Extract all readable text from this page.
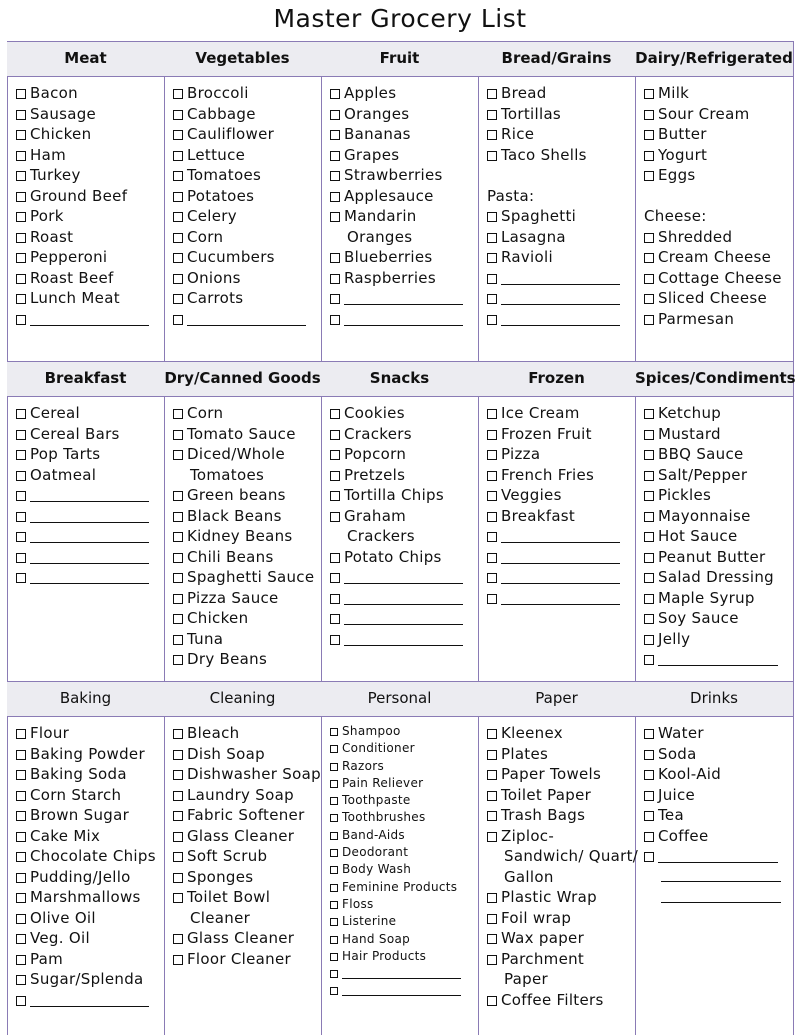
Master Grocery List
Meat
Bacon
Sausage
Chicken
Ham
Turkey
Ground Beef
Pork
Roast
Pepperoni
Roast Beef
Lunch Meat
Vegetables
Broccoli
Cabbage
Cauliflower
Lettuce
Tomatoes
Potatoes
Celery
Corn
Cucumbers
Onions
Carrots
Fruit
Apples
Oranges
Bananas
Grapes
Strawberries
Applesauce
Mandarin
Oranges
Blueberries
Raspberries
Bread/Grains
Bread
Tortillas
Rice
Taco Shells
Pasta:
Spaghetti
Lasagna
Ravioli
Dairy/Refrigerated
Milk
Sour Cream
Butter
Yogurt
Eggs
Cheese:
Shredded
Cream Cheese
Cottage Cheese
Sliced Cheese
Parmesan
Breakfast
Cereal
Cereal Bars
Pop Tarts
Oatmeal
Dry/Canned Goods
Corn
Tomato Sauce
Diced/Whole
Tomatoes
Green beans
Black Beans
Kidney Beans
Chili Beans
Spaghetti Sauce
Pizza Sauce
Chicken
Tuna
Dry Beans
Snacks
Cookies
Crackers
Popcorn
Pretzels
Tortilla Chips
Graham
Crackers
Potato Chips
Frozen
Ice Cream
Frozen Fruit
Pizza
French Fries
Veggies
Breakfast
Spices/Condiments
Ketchup
Mustard
BBQ Sauce
Salt/Pepper
Pickles
Mayonnaise
Hot Sauce
Peanut Butter
Salad Dressing
Maple Syrup
Soy Sauce
Jelly
Baking
Flour
Baking Powder
Baking Soda
Corn Starch
Brown Sugar
Cake Mix
Chocolate Chips
Pudding/Jello
Marshmallows
Olive Oil
Veg. Oil
Pam
Sugar/Splenda
Cleaning
Bleach
Dish Soap
Dishwasher Soap
Laundry Soap
Fabric Softener
Glass Cleaner
Soft Scrub
Sponges
Toilet Bowl
Cleaner
Glass Cleaner
Floor Cleaner
Personal
Shampoo
Conditioner
Razors
Pain Reliever
Toothpaste
Toothbrushes
Band-Aids
Deodorant
Body Wash
Feminine Products
Floss
Listerine
Hand Soap
Hair Products
Paper
Kleenex
Plates
Paper Towels
Toilet Paper
Trash Bags
Ziploc-
Sandwich/ Quart/
Gallon
Plastic Wrap
Foil wrap
Wax paper
Parchment
Paper
Coffee Filters
Drinks
Water
Soda
Kool-Aid
Juice
Tea
Coffee
